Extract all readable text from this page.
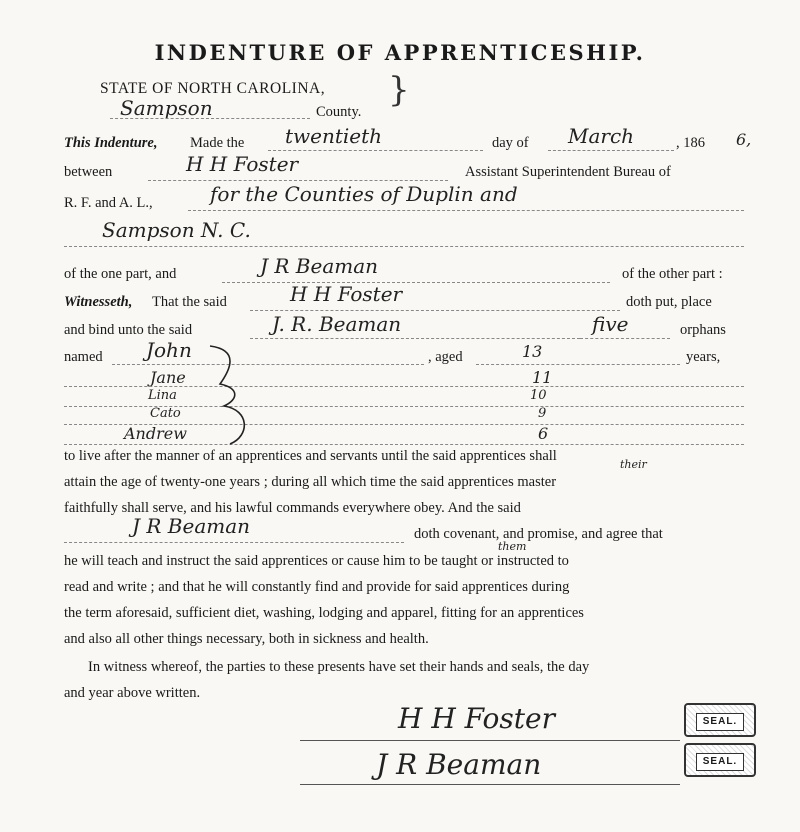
INDENTURE OF APPRENTICESHIP.
STATE OF NORTH CAROLINA, }
Sampson	County.
This Indenture, Made the twentieth	day of March	, 186 6,
between	H H Foster	Assistant Superintendent Bureau of
R. F. and A. L.,	for the Counties of Duplin and
Sampson N. C.
of the one part, and	J R Beaman	of the other part :
Witnesseth, That the said	H H Foster	doth put, place
and bind unto the said	J. R. Beaman	five	orphans
named	, aged	years,
John	13
Jane	11
Lina	10
Cato	9
Andrew	6
to live after the manner of an apprentices and servants until the said apprentices shall
their
attain the age of twenty-one years ; during all which time the said apprentices master
faithfully shall serve, and his lawful commands everywhere obey. And the said
J R Beaman	doth covenant, and promise, and agree that
them
he will teach and instruct the said apprentices or cause him to be taught or instructed to
read and write ; and that he will constantly find and provide for said apprentices during
the term aforesaid, sufficient diet, washing, lodging and apparel, fitting for an apprentices
and also all other things necessary, both in sickness and health.
In witness whereof, the parties to these presents have set their hands and seals, the day
and year above written.
H H Foster
J R Beaman
SEAL.
SEAL.
